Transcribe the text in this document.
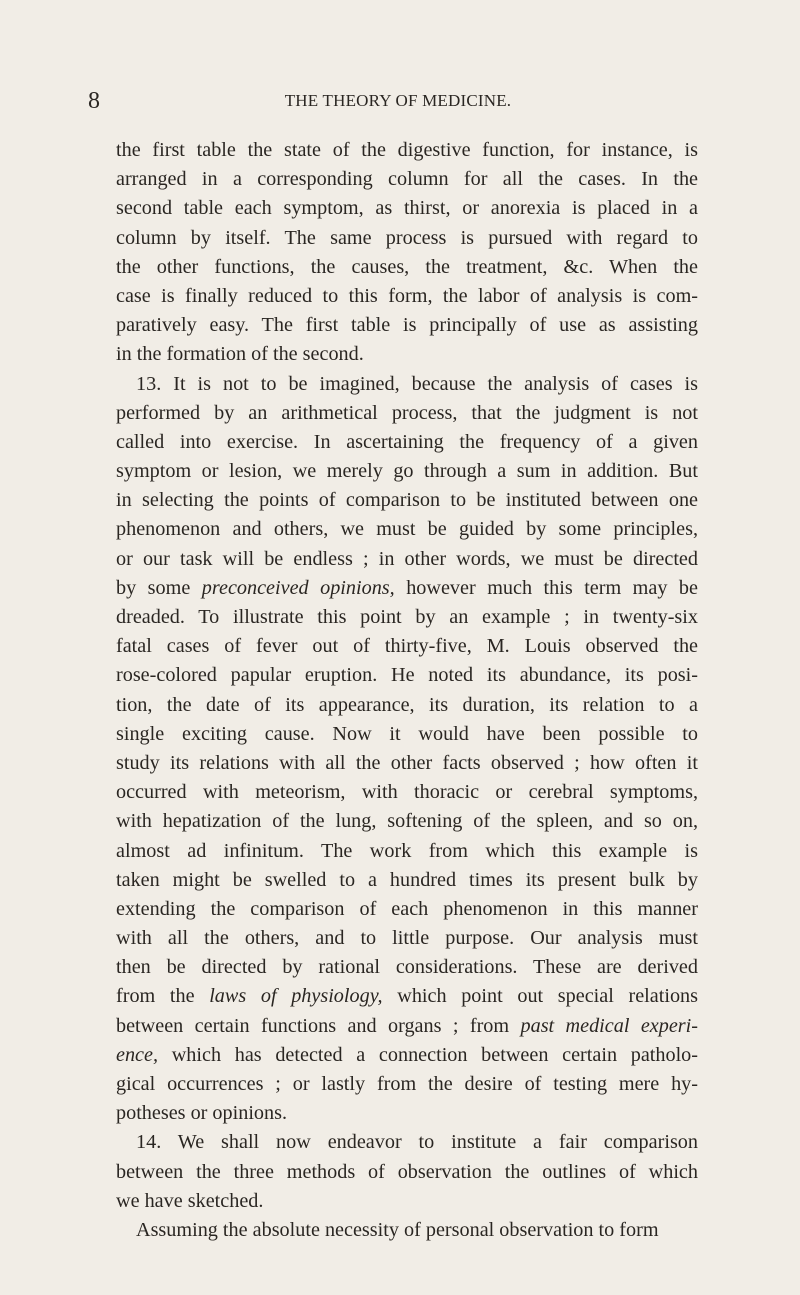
8	THE THEORY OF MEDICINE.
the first table the state of the digestive function, for instance, is
arranged in a corresponding column for all the cases. In the
second table each symptom, as thirst, or anorexia is placed in a
column by itself. The same process is pursued with regard to
the other functions, the causes, the treatment, &c. When the
case is finally reduced to this form, the labor of analysis is com-
paratively easy. The first table is principally of use as assisting
in the formation of the second.
13. It is not to be imagined, because the analysis of cases is
performed by an arithmetical process, that the judgment is not
called into exercise. In ascertaining the frequency of a given
symptom or lesion, we merely go through a sum in addition. But
in selecting the points of comparison to be instituted between one
phenomenon and others, we must be guided by some principles,
or our task will be endless ; in other words, we must be directed
by some preconceived opinions, however much this term may be
dreaded. To illustrate this point by an example ; in twenty-six
fatal cases of fever out of thirty-five, M. Louis observed the
rose-colored papular eruption. He noted its abundance, its posi-
tion, the date of its appearance, its duration, its relation to a
single exciting cause. Now it would have been possible to
study its relations with all the other facts observed ; how often it
occurred with meteorism, with thoracic or cerebral symptoms,
with hepatization of the lung, softening of the spleen, and so on,
almost ad infinitum. The work from which this example is
taken might be swelled to a hundred times its present bulk by
extending the comparison of each phenomenon in this manner
with all the others, and to little purpose. Our analysis must
then be directed by rational considerations. These are derived
from the laws of physiology, which point out special relations
between certain functions and organs ; from past medical experi-
ence, which has detected a connection between certain patholo-
gical occurrences ; or lastly from the desire of testing mere hy-
potheses or opinions.
14. We shall now endeavor to institute a fair comparison
between the three methods of observation the outlines of which
we have sketched.
Assuming the absolute necessity of personal observation to form
